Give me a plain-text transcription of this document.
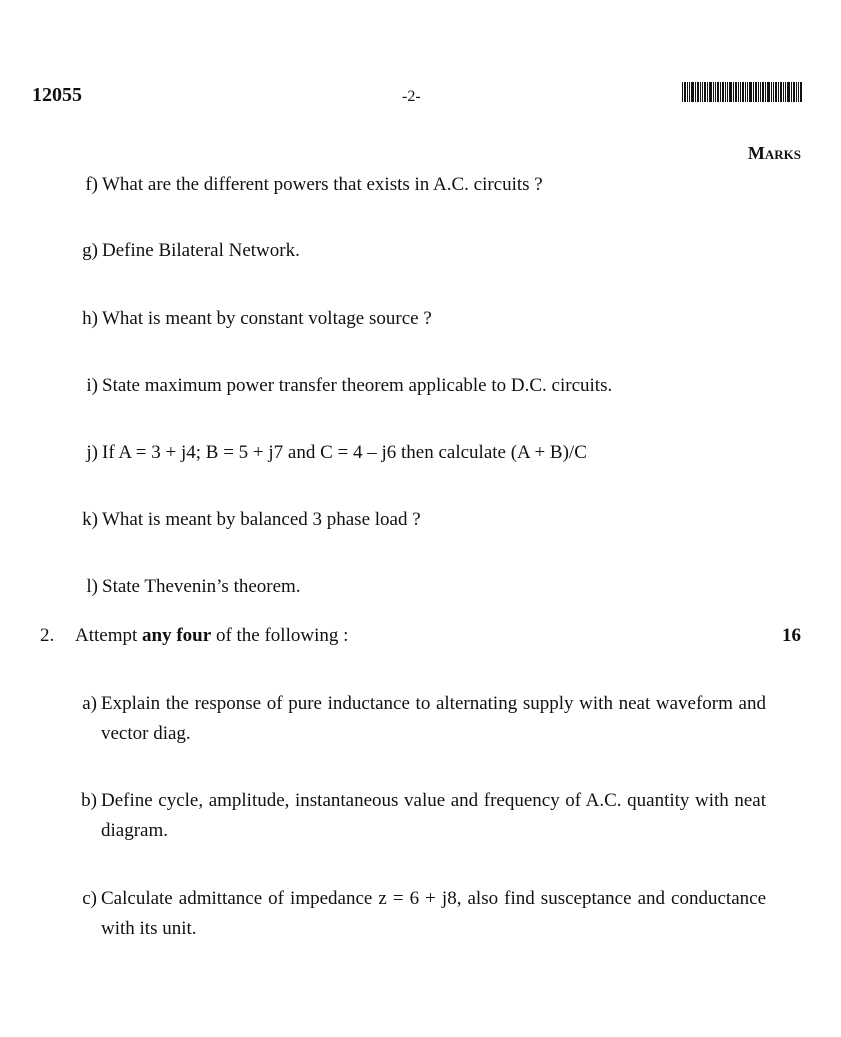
12055	-2-
Marks
f) What are the different powers that exists in A.C. circuits ?
g) Define Bilateral Network.
h) What is meant by constant voltage source ?
i) State maximum power transfer theorem applicable to D.C. circuits.
j) If A = 3 + j4; B = 5 + j7 and C = 4 – j6 then calculate (A + B)/C
k) What is meant by balanced 3 phase load ?
l) State Thevenin’s theorem.
2. Attempt any four of the following :	16
a) Explain the response of pure inductance to alternating supply with neat waveform and vector diag.
b) Define cycle, amplitude, instantaneous value and frequency of A.C. quantity with neat diagram.
c) Calculate admittance of impedance z = 6 + j8, also find susceptance and conductance with its unit.
